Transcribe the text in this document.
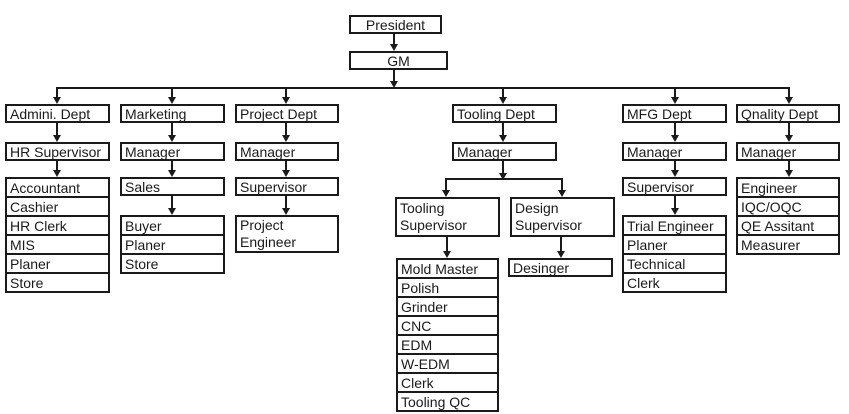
President
GM
Admini. Dept	Marketing	Project Dept	Tooling Dept	MFG Dept	Qnality Dept
HR Supervisor	Manager	Manager	Manager	Manager	Manager
Accountant
Cashier
HR Clerk
MIS
Planer
Store
Sales	Supervisor	Supervisor	Engineer
IQC/OQC
QE Assitant
Measurer
Buyer
Planer
Store
Project Engineer
Trial Engineer
Planer
Technical
Clerk
Tooling Supervisor
Design Supervisor
Mold Master
Polish
Grinder
CNC
EDM
W-EDM
Clerk
Tooling QC
Desinger
